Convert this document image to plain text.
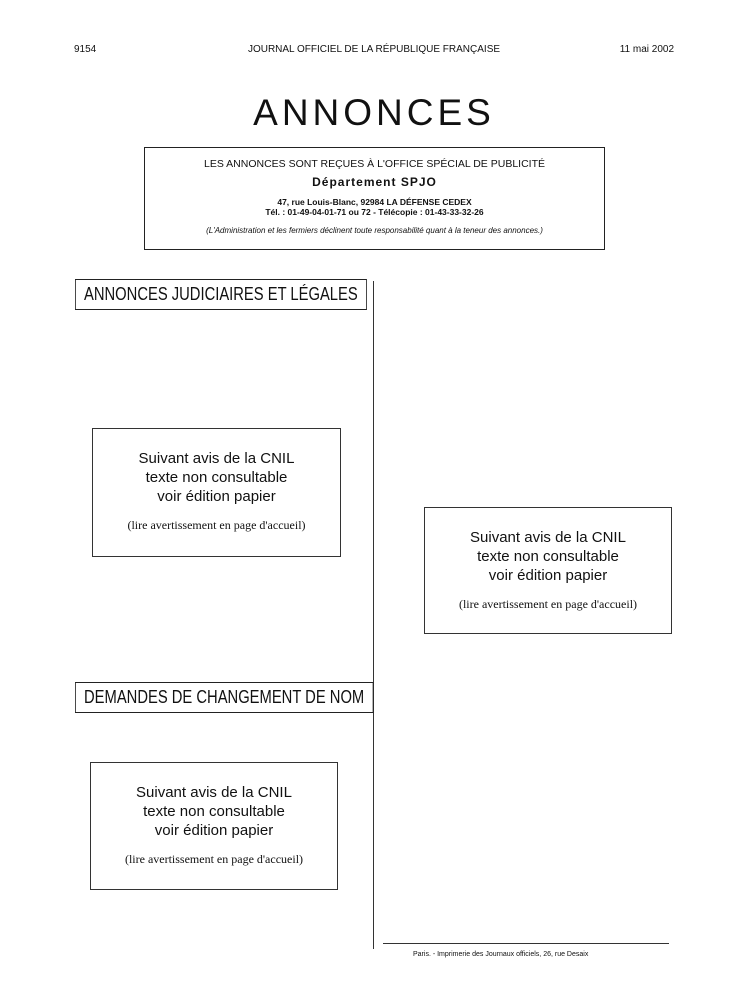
9154	JOURNAL OFFICIEL DE LA RÉPUBLIQUE FRANÇAISE	11 mai 2002
ANNONCES
LES ANNONCES SONT REÇUES À L'OFFICE SPÉCIAL DE PUBLICITÉ
Département SPJO
47, rue Louis-Blanc, 92984 LA DÉFENSE CEDEX
Tél. : 01-49-04-01-71 ou 72 - Télécopie : 01-43-33-32-26
(L'Administration et les fermiers déclinent toute responsabilité quant à la teneur des annonces.)
ANNONCES JUDICIAIRES ET LÉGALES
Suivant avis de la CNIL
texte non consultable
voir édition papier
(lire avertissement en page d'accueil)
Suivant avis de la CNIL
texte non consultable
voir édition papier
(lire avertissement en page d'accueil)
DEMANDES DE CHANGEMENT DE NOM
Suivant avis de la CNIL
texte non consultable
voir édition papier
(lire avertissement en page d'accueil)
Paris. - Imprimerie des Journaux officiels, 26, rue Desaix
